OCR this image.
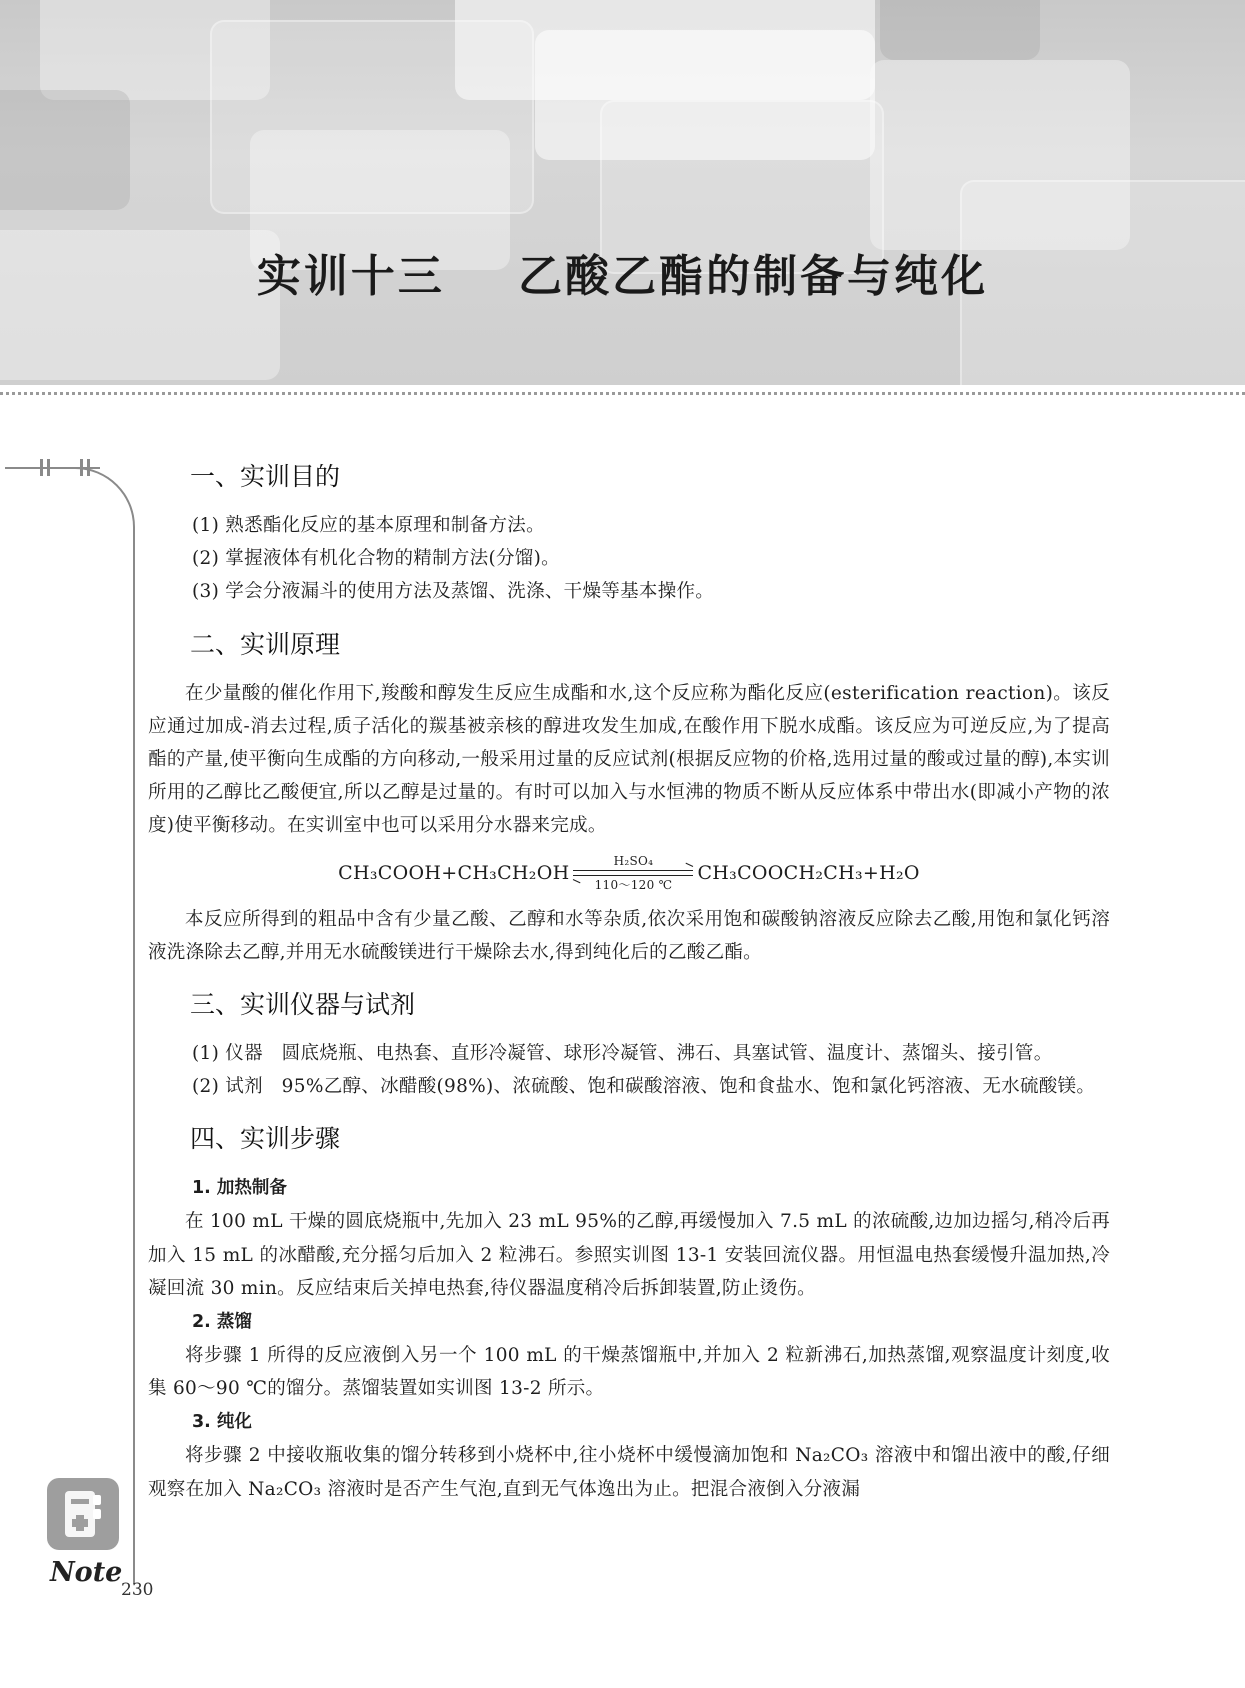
实训十三    乙酸乙酯的制备与纯化
Note
一、实训目的

(1) 熟悉酯化反应的基本原理和制备方法。

(2) 掌握液体有机化合物的精制方法(分馏)。

(3) 学会分液漏斗的使用方法及蒸馏、洗涤、干燥等基本操作。

二、实训原理

在少量酸的催化作用下,羧酸和醇发生反应生成酯和水,这个反应称为酯化反应(esterification reaction)。该反应通过加成-消去过程,质子活化的羰基被亲核的醇进攻发生加成,在酸作用下脱水成酯。该反应为可逆反应,为了提高酯的产量,使平衡向生成酯的方向移动,一般采用过量的反应试剂(根据反应物的价格,选用过量的酸或过量的醇),本实训所用的乙醇比乙酸便宜,所以乙醇是过量的。有时可以加入与水恒沸的物质不断从反应体系中带出水(即减小产物的浓度)使平衡移动。在实训室中也可以采用分水器来完成。

CH₃COOH+CH₃CH₂OH
H₂SO₄
110～120 ℃
CH₃COOCH₂CH₃+H₂O

本反应所得到的粗品中含有少量乙酸、乙醇和水等杂质,依次采用饱和碳酸钠溶液反应除去乙酸,用饱和氯化钙溶液洗涤除去乙醇,并用无水硫酸镁进行干燥除去水,得到纯化后的乙酸乙酯。

三、实训仪器与试剂

(1) 仪器　圆底烧瓶、电热套、直形冷凝管、球形冷凝管、沸石、具塞试管、温度计、蒸馏头、接引管。

(2) 试剂　95%乙醇、冰醋酸(98%)、浓硫酸、饱和碳酸溶液、饱和食盐水、饱和氯化钙溶液、无水硫酸镁。

四、实训步骤
1. 加热制备

在 100 mL 干燥的圆底烧瓶中,先加入 23 mL 95%的乙醇,再缓慢加入 7.5 mL 的浓硫酸,边加边摇匀,稍冷后再加入 15 mL 的冰醋酸,充分摇匀后加入 2 粒沸石。参照实训图 13-1 安装回流仪器。用恒温电热套缓慢升温加热,冷凝回流 30 min。反应结束后关掉电热套,待仪器温度稍冷后拆卸装置,防止烫伤。

2. 蒸馏

将步骤 1 所得的反应液倒入另一个 100 mL 的干燥蒸馏瓶中,并加入 2 粒新沸石,加热蒸馏,观察温度计刻度,收集 60～90 ℃的馏分。蒸馏装置如实训图 13-2 所示。

3. 纯化

将步骤 2 中接收瓶收集的馏分转移到小烧杯中,往小烧杯中缓慢滴加饱和 Na₂CO₃ 溶液中和馏出液中的酸,仔细观察在加入 Na₂CO₃ 溶液时是否产生气泡,直到无气体逸出为止。把混合液倒入分液漏

230
